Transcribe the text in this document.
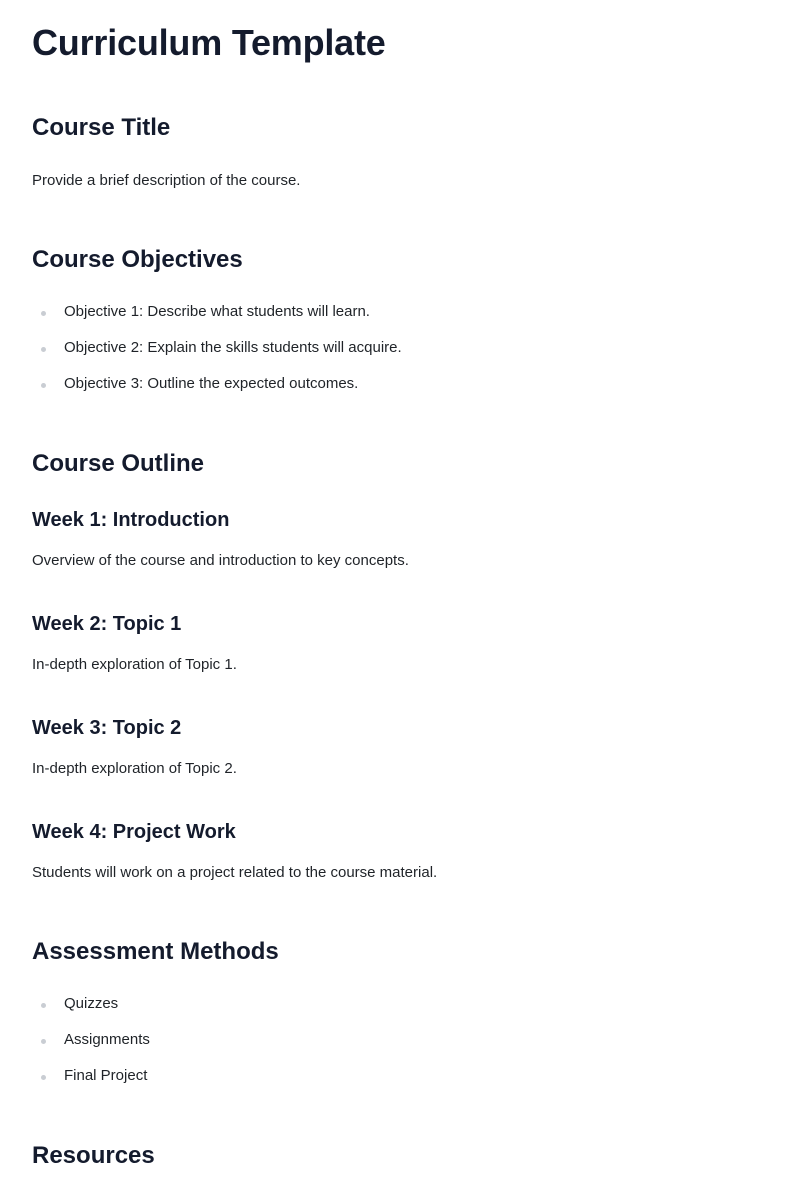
Curriculum Template
Course Title

Provide a brief description of the course.

Course Objectives
Objective 1: Describe what students will learn.
Objective 2: Explain the skills students will acquire.
Objective 3: Outline the expected outcomes.
Course Outline
Week 1: Introduction

Overview of the course and introduction to key concepts.

Week 2: Topic 1

In-depth exploration of Topic 1.

Week 3: Topic 2

In-depth exploration of Topic 2.

Week 4: Project Work

Students will work on a project related to the course material.

Assessment Methods
Quizzes
Assignments
Final Project
Resources
